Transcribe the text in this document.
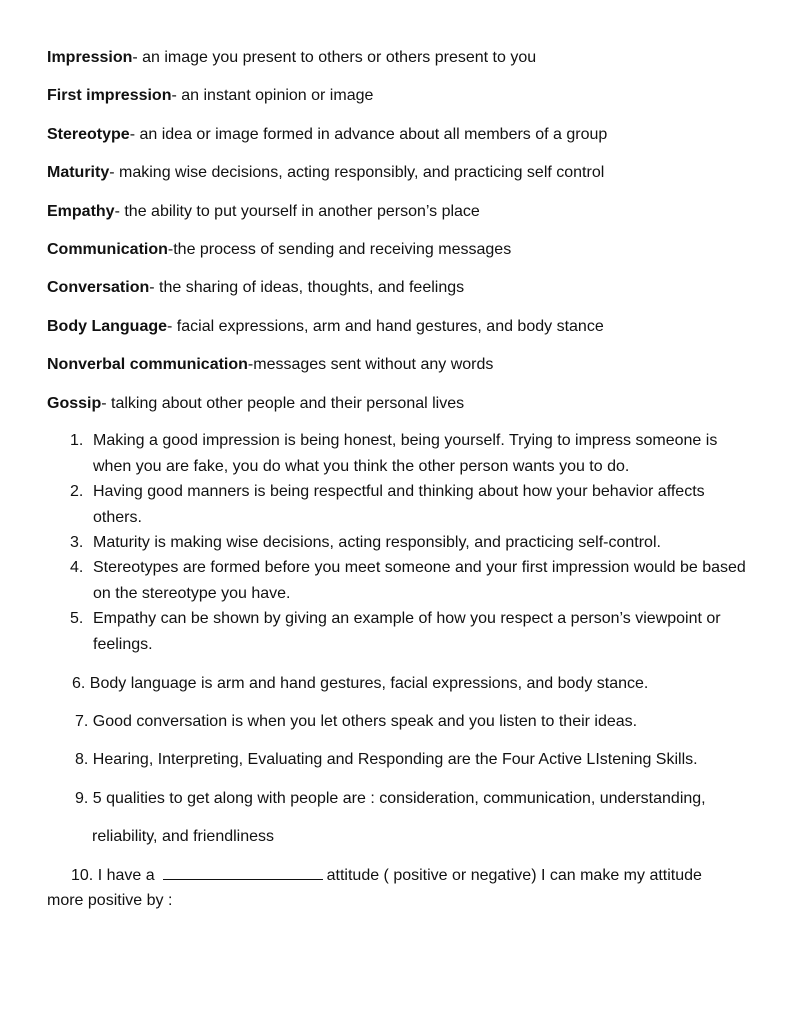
Impression- an image you present to others or others present to you
First impression- an instant opinion or image
Stereotype- an idea or image formed in advance about all members of a group
Maturity- making wise decisions, acting responsibly, and practicing self control
Empathy- the ability to put yourself in another person’s place
Communication-the process of sending and receiving messages
Conversation- the sharing of ideas, thoughts, and feelings
Body Language- facial expressions, arm and hand gestures, and body stance
Nonverbal communication-messages sent without any words
Gossip- talking about other people and their personal lives
1. Making a good impression is being honest, being yourself. Trying to impress someone is when you are fake, you do what you think the other person wants you to do.
2. Having good manners is being respectful and thinking about how your behavior affects others.
3. Maturity is making wise decisions, acting responsibly, and practicing self-control.
4. Stereotypes are formed before you meet someone and your first impression would be based on the stereotype you have.
5. Empathy can be shown by giving an example of how you respect a person’s viewpoint or feelings.
6. Body language is arm and hand gestures, facial expressions, and body stance.
7. Good conversation is when you let others speak and you listen to their ideas.
8. Hearing, Interpreting, Evaluating and Responding are the Four Active LIstening Skills.
9. 5 qualities to get along with people are : consideration, communication, understanding,
reliability, and friendliness
10. I have a	attitude ( positive or negative) I can make my attitude
more positive by :
